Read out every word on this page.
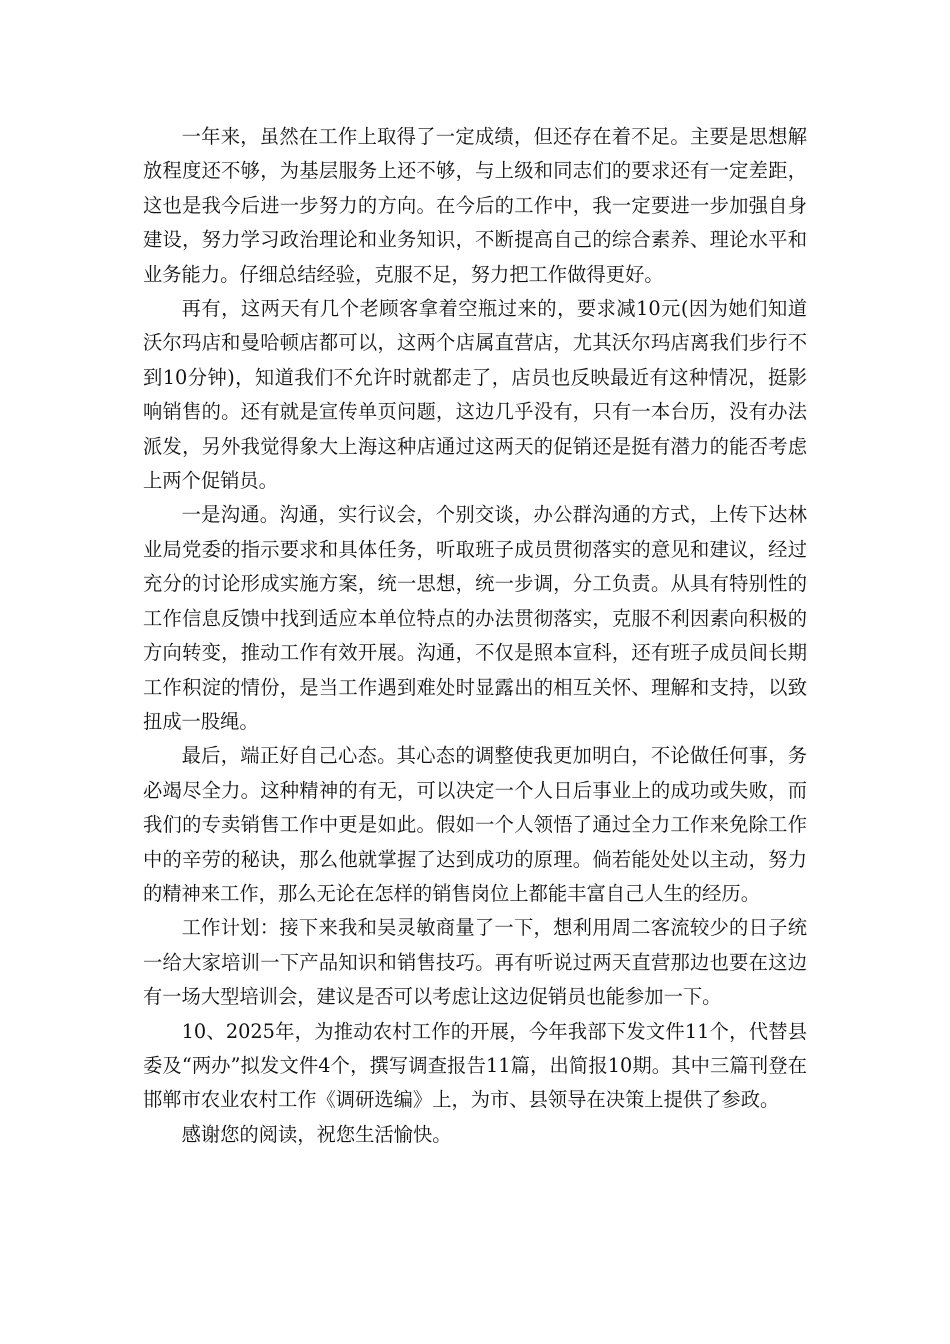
一年来，虽然在工作上取得了一定成绩，但还存在着不足。主要是思想解放程度还不够，为基层服务上还不够，与上级和同志们的要求还有一定差距，这也是我今后进一步努力的方向。在今后的工作中，我一定要进一步加强自身建设，努力学习政治理论和业务知识，不断提高自己的综合素养、理论水平和业务能力。仔细总结经验，克服不足，努力把工作做得更好。

再有，这两天有几个老顾客拿着空瓶过来的，要求减10元(因为她们知道沃尔玛店和曼哈顿店都可以，这两个店属直营店，尤其沃尔玛店离我们步行不到10分钟)，知道我们不允许时就都走了，店员也反映最近有这种情况，挺影响销售的。还有就是宣传单页问题，这边几乎没有，只有一本台历，没有办法派发，另外我觉得象大上海这种店通过这两天的促销还是挺有潜力的能否考虑上两个促销员。

一是沟通。沟通，实行议会，个别交谈，办公群沟通的方式，上传下达林业局党委的指示要求和具体任务，听取班子成员贯彻落实的意见和建议，经过充分的讨论形成实施方案，统一思想，统一步调，分工负责。从具有特别性的工作信息反馈中找到适应本单位特点的办法贯彻落实，克服不利因素向积极的方向转变，推动工作有效开展。沟通，不仅是照本宣科，还有班子成员间长期工作积淀的情份，是当工作遇到难处时显露出的相互关怀、理解和支持，以致扭成一股绳。

最后，端正好自己心态。其心态的调整使我更加明白，不论做任何事，务必竭尽全力。这种精神的有无，可以决定一个人日后事业上的成功或失败，而我们的专卖销售工作中更是如此。假如一个人领悟了通过全力工作来免除工作中的辛劳的秘诀，那么他就掌握了达到成功的原理。倘若能处处以主动，努力的精神来工作，那么无论在怎样的销售岗位上都能丰富自己人生的经历。

工作计划：接下来我和吴灵敏商量了一下，想利用周二客流较少的日子统一给大家培训一下产品知识和销售技巧。再有听说过两天直营那边也要在这边有一场大型培训会，建议是否可以考虑让这边促销员也能参加一下。

10、2025年，为推动农村工作的开展，今年我部下发文件11个，代替县委及“两办”拟发文件4个，撰写调查报告11篇，出简报10期。其中三篇刊登在邯郸市农业农村工作《调研选编》上，为市、县领导在决策上提供了参政。

感谢您的阅读，祝您生活愉快。
